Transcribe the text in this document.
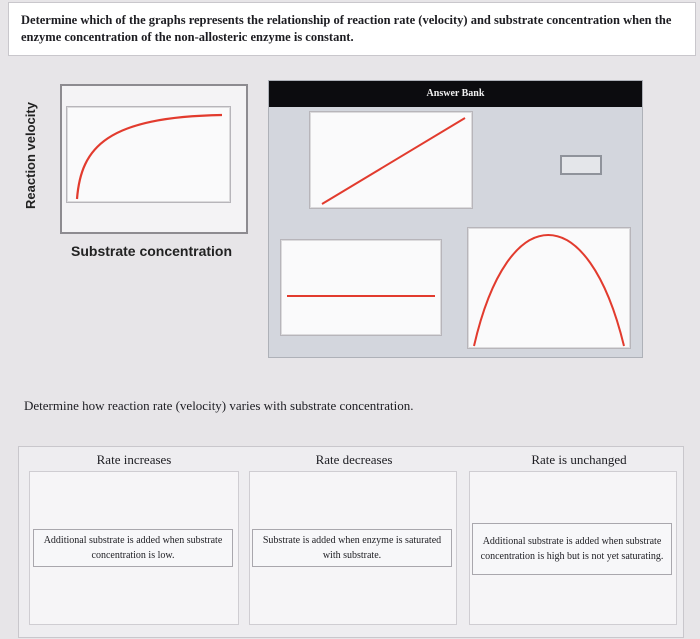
Determine which of the graphs represents the relationship of reaction rate (velocity) and substrate concentration when the enzyme concentration of the non-allosteric enzyme is constant.
Reaction velocity
Substrate concentration
Answer Bank
Determine how reaction rate (velocity) varies with substrate concentration.
Rate increases	Rate decreases	Rate is unchanged
Additional substrate is added when substrate concentration is low.
Substrate is added when enzyme is saturated with substrate.
Additional substrate is added when substrate concentration is high but is not yet saturating.
